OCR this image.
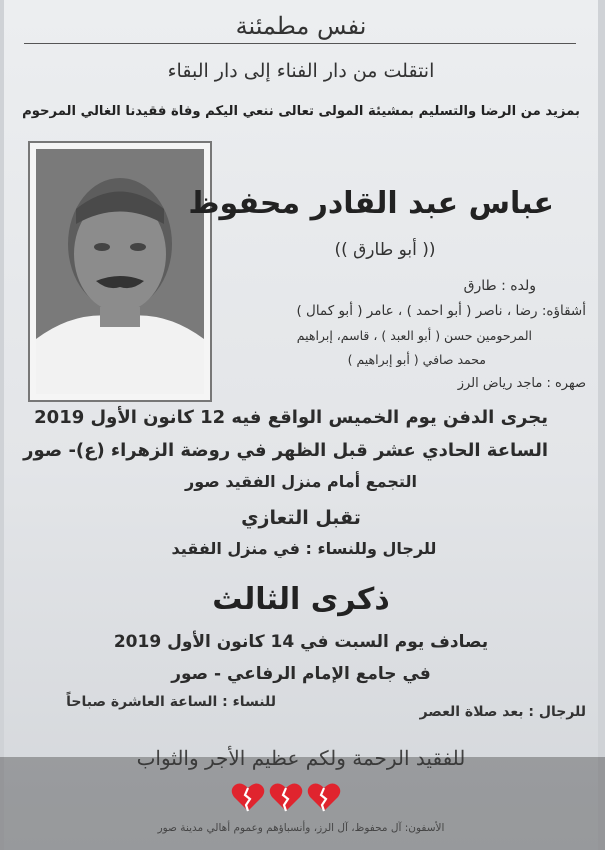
نفس مطمئنة
انتقلت من دار الفناء إلى دار البقاء
بمزيد من الرضا والتسليم بمشيئة المولى تعالى ننعي اليكم وفاة فقيدنا الغالي المرحوم
عباس عبد القادر محفوظ
(( أبو طارق ))
ولده : طارق
أشقاؤه: رضا ، ناصر ( أبو احمد ) ، عامر ( أبو كمال )
المرحومين حسن ( أبو العبد ) ، قاسم، إبراهيم
محمد صافي ( أبو إبراهيم )
صهره : ماجد رياض الرز
يجرى الدفن يوم الخميس الواقع فيه 12 كانون الأول 2019
الساعة الحادي عشر قبل الظهر في روضة الزهراء (ع)- صور
التجمع أمام منزل الفقيد صور
تقبل التعازي
للرجال وللنساء : في منزل الفقيد
ذكرى الثالث
يصادف يوم السبت في 14 كانون الأول 2019
في جامع الإمام الرفاعي - صور
للرجال : بعد صلاة العصر
للنساء : الساعة العاشرة صباحاً
للفقيد الرحمة ولكم عظيم الأجر والثواب
الأسفون: آل محفوظ، آل الرز، وأنسباؤهم وعموم أهالي مدينة صور
